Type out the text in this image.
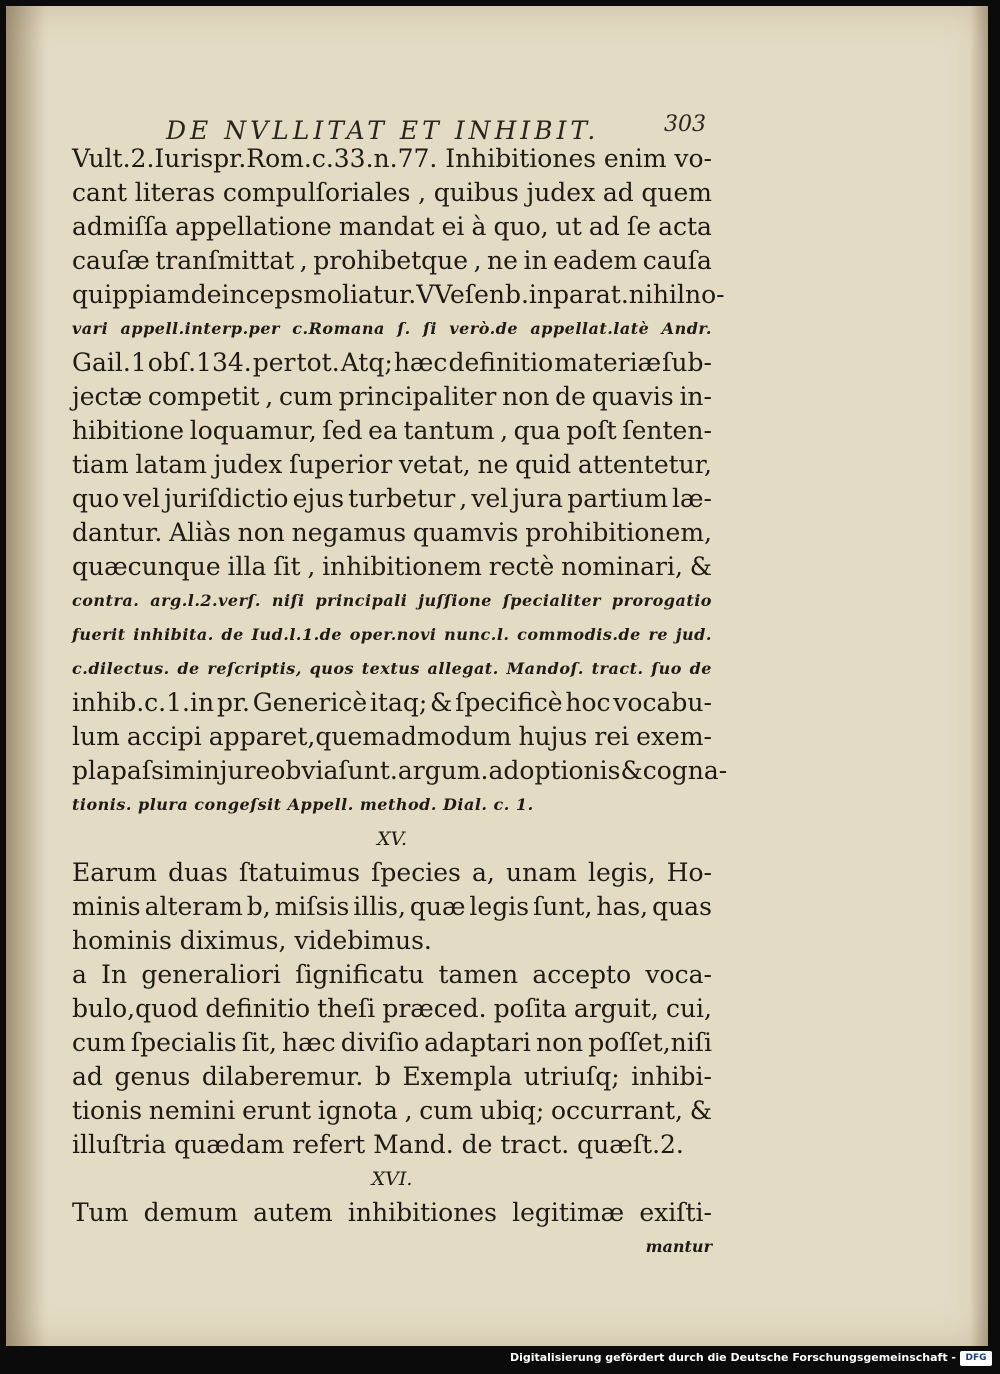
DE NVLLITAT ET INHIBIT.	303
Vult.2.Iurispr.Rom.c.33.n.77. Inhibitiones enim vo-
cant literas compulſoriales , quibus judex ad quem
admiſſa appellatione mandat ei à quo, ut ad ſe acta
cauſæ tranſmittat , prohibetque , ne in eadem cauſa
quippiam deinceps moliatur. VVeſenb. in parat. nihil no-
vari appell.interp.per c.Romana ſ. ſi verò.de appellat.latè Andr.
Gail.1 obſ.134. per tot. Atq; hæc definitio materiæ ſub-
jectæ competit , cum principaliter non de quavis in-
hibitione loquamur, ſed ea tantum , qua poſt ſenten-
tiam latam judex ſuperior vetat, ne quid attentetur,
quo vel juriſdictio ejus turbetur , vel jura partium læ-
dantur. Aliàs non negamus quamvis prohibitionem,
quæcunque illa ſit , inhibitionem rectè nominari, &
contra. arg.l.2.verſ. niſi principali juſſione ſpecialiter prorogatio
fuerit inhibita. de Iud.l.1.de oper.novi nunc.l. commodis.de re jud.
c.dilectus. de reſcriptis, quos textus allegat. Mandoſ. tract. ſuo de
inhib.c.1.in pr. Genericè itaq; & ſpecificè hoc vocabu-
lum accipi apparet,quemadmodum hujus rei exem-
pla paſsim in jure obvia ſunt. argum. adoptionis & cogna-
tionis. plura congeſsit Appell. method. Dial. c. 1.
XV.
Earum duas ſtatuimus ſpecies a, unam legis, Ho-
minis alteram b, miſsis illis, quæ legis ſunt, has, quas
hominis diximus, videbimus.
a In generaliori ſignificatu tamen accepto voca-
bulo,quod definitio theſi præced. poſita arguit, cui,
cum ſpecialis ſit, hæc diviſio adaptari non poſſet,niſi
ad genus dilaberemur. b Exempla utriuſq; inhibi-
tionis nemini erunt ignota , cum ubiq; occurrant, &
illuſtria quædam refert Mand. de tract. quæſt.2.
XVI.
Tum demum autem inhibitiones legitimæ exiſti-
mantur
Digitalisierung gefördert durch die Deutsche Forschungsgemeinschaft -	DFG
